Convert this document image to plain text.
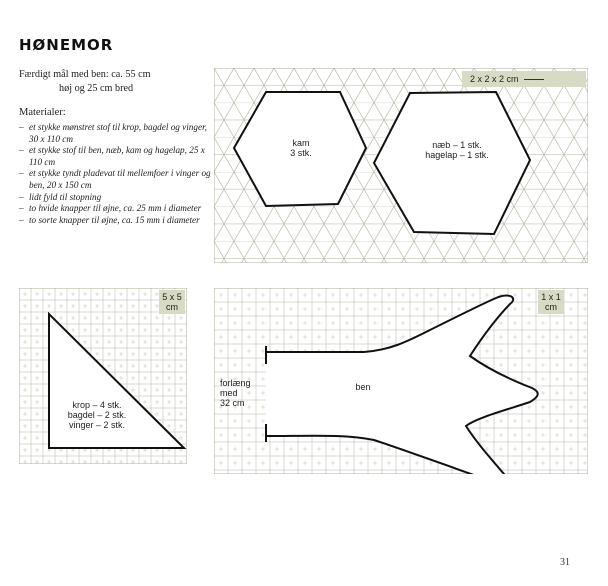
HØNEMOR
Færdigt mål med ben: ca. 55 cm
høj og 25 cm bred
Materialer:
– et stykke mønstret stof til krop, bagdel og vinger, 30 x 110 cm
– et stykke stof til ben, næb, kam og hagelap, 25 x 110 cm
– et stykke tyndt pladevat til mellemfoer i vinger og ben, 20 x 150 cm
– lidt fyld til stopning
– to hvide knapper til øjne, ca. 25 mm i diameter
– to sorte knapper til øjne, ca. 15 mm i diameter
2 x 2 x 2 cm
kam
3 stk.
næb – 1 stk.
hagelap – 1 stk.
5 x 5
cm
krop – 4 stk.
bagdel – 2 stk.
vinger – 2 stk.
1 x 1
cm
forlæng
med
32 cm
ben
31
